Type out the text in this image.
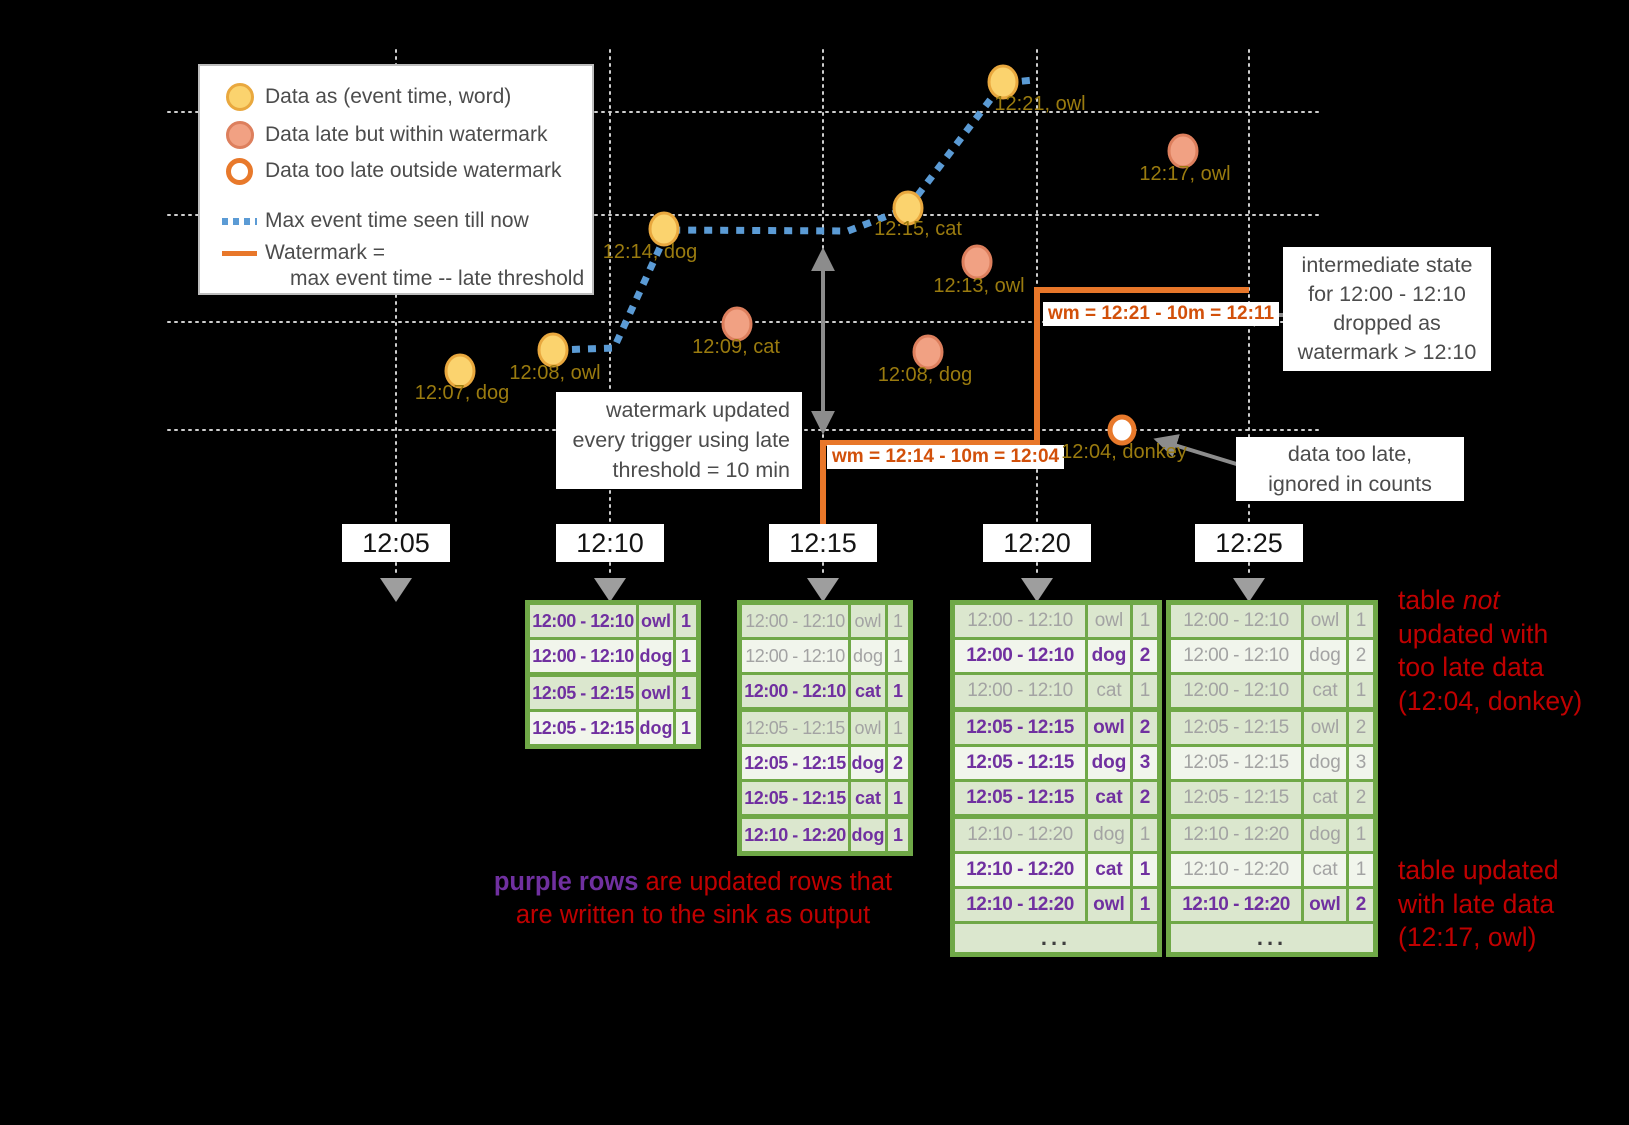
Data as (event time, word)
Data late but within watermark
Data too late outside watermark
Max event time seen till now
Watermark =
max event time -- late threshold
watermark updated
every trigger using late
threshold = 10 min
intermediate state
for 12:00 - 12:10
dropped as
watermark > 12:10
data too late,
ignored in counts
12:05	12:10	12:15	12:20	12:25
wm = 12:14 - 10m = 12:04
wm = 12:21 - 10m = 12:11
table not
updated with
too late data
(12:04, donkey)
table updated
with late data
(12:17, owl)
purple rows are updated rows that
are written to the sink as output
12:07, dog
12:08, owl
12:14, dog
12:15, cat
12:21, owl
12:09, cat
12:13, owl
12:08, dog
12:17, owl
12:04, donkey
12:00 - 12:10 owl 1
12:00 - 12:10 dog 1
12:05 - 12:15 owl 1
12:05 - 12:15 dog 1
12:00 - 12:10 owl 1
12:00 - 12:10 dog 1
12:00 - 12:10 cat 1
12:05 - 12:15 owl 1
12:05 - 12:15 dog 2
12:05 - 12:15 cat 1
12:10 - 12:20 dog 1
12:00 - 12:10	owl 1
12:00 - 12:10 dog 2
12:00 - 12:10	cat 1
12:05 - 12:15	owl 2
12:05 - 12:15 dog 3
12:05 - 12:15	cat 2
12:10 - 12:20	dog 1
12:10 - 12:20	cat 1
12:10 - 12:20	owl 1
...
12:00 - 12:10	owl 1
12:00 - 12:10	dog 2
12:00 - 12:10	cat 1
12:05 - 12:15	owl 2
12:05 - 12:15	dog 3
12:05 - 12:15	cat 2
12:10 - 12:20	dog 1
12:10 - 12:20	cat 1
12:10 - 12:20	owl 2
...
